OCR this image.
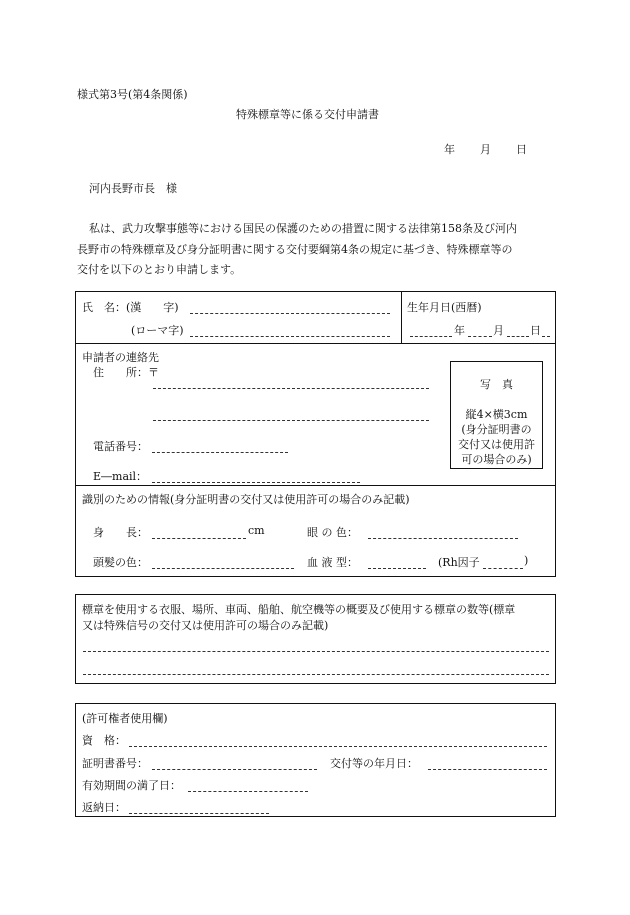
様式第3号(第4条関係)
特殊標章等に係る交付申請書
年 月 日
河内長野市長　様
私は、武力攻撃事態等における国民の保護のための措置に関する法律第158条及び河内
長野市の特殊標章及び身分証明書に関する交付要綱第4条の規定に基づき、特殊標章等の
交付を以下のとおり申請します。
氏　名：(漢　　字)
(ローマ字)
生年月日(西暦)
年	月 日
申請者の連絡先
住　　所：〒
電話番号：
E―mail：
写　真
縦4×横3cm
(身分証明書の
交付又は使用許
可の場合のみ)
識別のための情報(身分証明書の交付又は使用許可の場合のみ記載)
身　　長：	cm	眼 の 色：
頭髪の色：	血 液 型：	(Rh因子	)
標章を使用する衣服、場所、車両、船舶、航空機等の概要及び使用する標章の数等(標章
又は特殊信号の交付又は使用許可の場合のみ記載)
(許可権者使用欄)
資　格：
証明書番号：	交付等の年月日：
有効期間の満了日：
返納日：
